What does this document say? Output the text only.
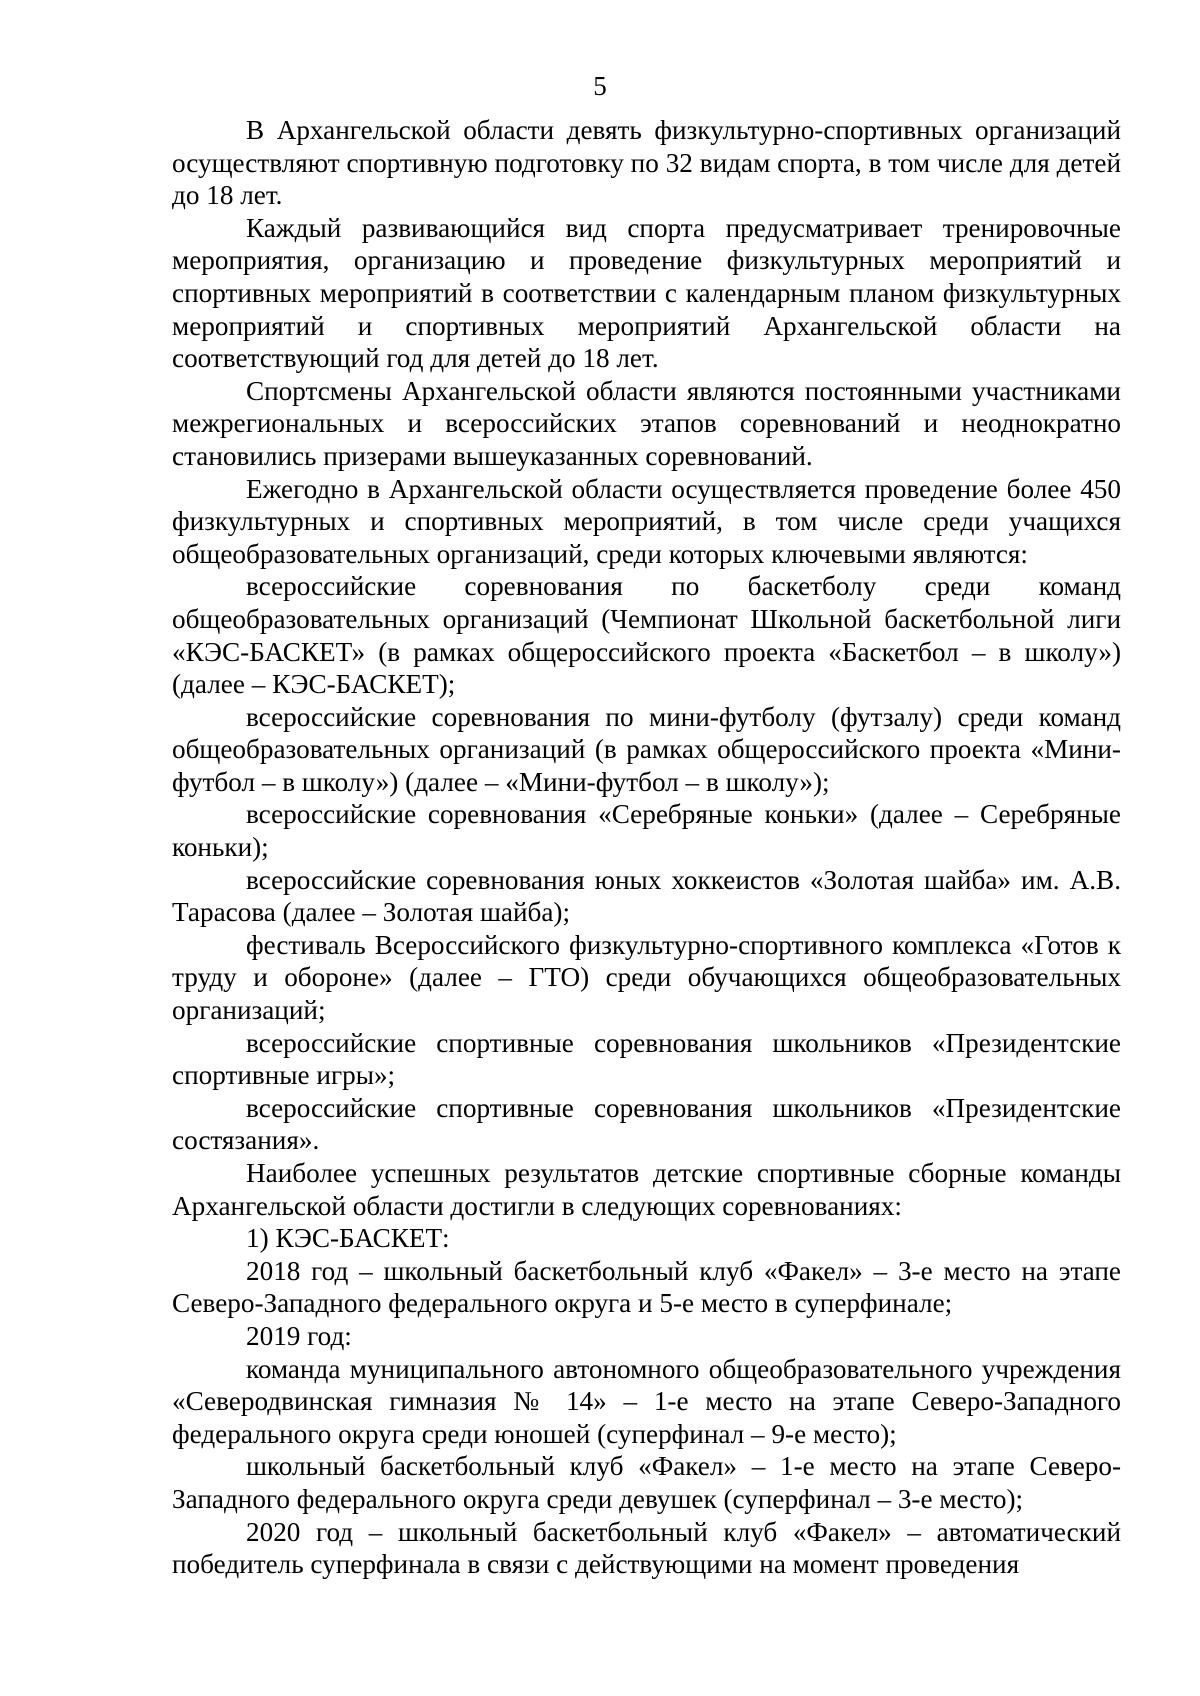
5

В Архангельской области девять физкультурно-спортивных организаций осуществляют спортивную подготовку по 32 видам спорта, в том числе для детей до 18 лет.

Каждый развивающийся вид спорта предусматривает тренировочные мероприятия, организацию и проведение физкультурных мероприятий и спортивных мероприятий в соответствии с календарным планом физкультурных мероприятий и спортивных мероприятий Архангельской области на соответствующий год для детей до 18 лет.

Спортсмены Архангельской области являются постоянными участниками межрегиональных и всероссийских этапов соревнований и неоднократно становились призерами вышеуказанных соревнований.

Ежегодно в Архангельской области осуществляется проведение более 450 физкультурных и спортивных мероприятий, в том числе среди учащихся общеобразовательных организаций, среди которых ключевыми являются:

всероссийские соревнования по баскетболу среди команд общеобразовательных организаций (Чемпионат Школьной баскетбольной лиги «КЭС-БАСКЕТ» (в рамках общероссийского проекта «Баскетбол – в школу») (далее – КЭС-БАСКЕТ);

всероссийские соревнования по мини-футболу (футзалу) среди команд общеобразовательных организаций (в рамках общероссийского проекта «Мини-футбол – в школу») (далее – «Мини-футбол – в школу»);

всероссийские соревнования «Серебряные коньки» (далее – Серебряные коньки);

всероссийские соревнования юных хоккеистов «Золотая шайба» им. А.В. Тарасова (далее – Золотая шайба);

фестиваль Всероссийского физкультурно-спортивного комплекса «Готов к труду и обороне» (далее – ГТО) среди обучающихся общеобразовательных организаций;

всероссийские спортивные соревнования школьников «Президентские спортивные игры»;

всероссийские спортивные соревнования школьников «Президентские состязания».

Наиболее успешных результатов детские спортивные сборные команды Архангельской области достигли в следующих соревнованиях:

1) КЭС-БАСКЕТ:

2018 год – школьный баскетбольный клуб «Факел» – 3-е место на этапе Северо-Западного федерального округа и 5-е место в суперфинале;

2019 год:

команда муниципального автономного общеобразовательного учреждения «Северодвинская гимназия № 14» – 1-е место на этапе Северо-Западного федерального округа среди юношей (суперфинал – 9-е место);

школьный баскетбольный клуб «Факел» – 1-е место на этапе Северо-Западного федерального округа среди девушек (суперфинал – 3-е место);

2020 год – школьный баскетбольный клуб «Факел» – автоматический победитель суперфинала в связи с действующими на момент проведения
